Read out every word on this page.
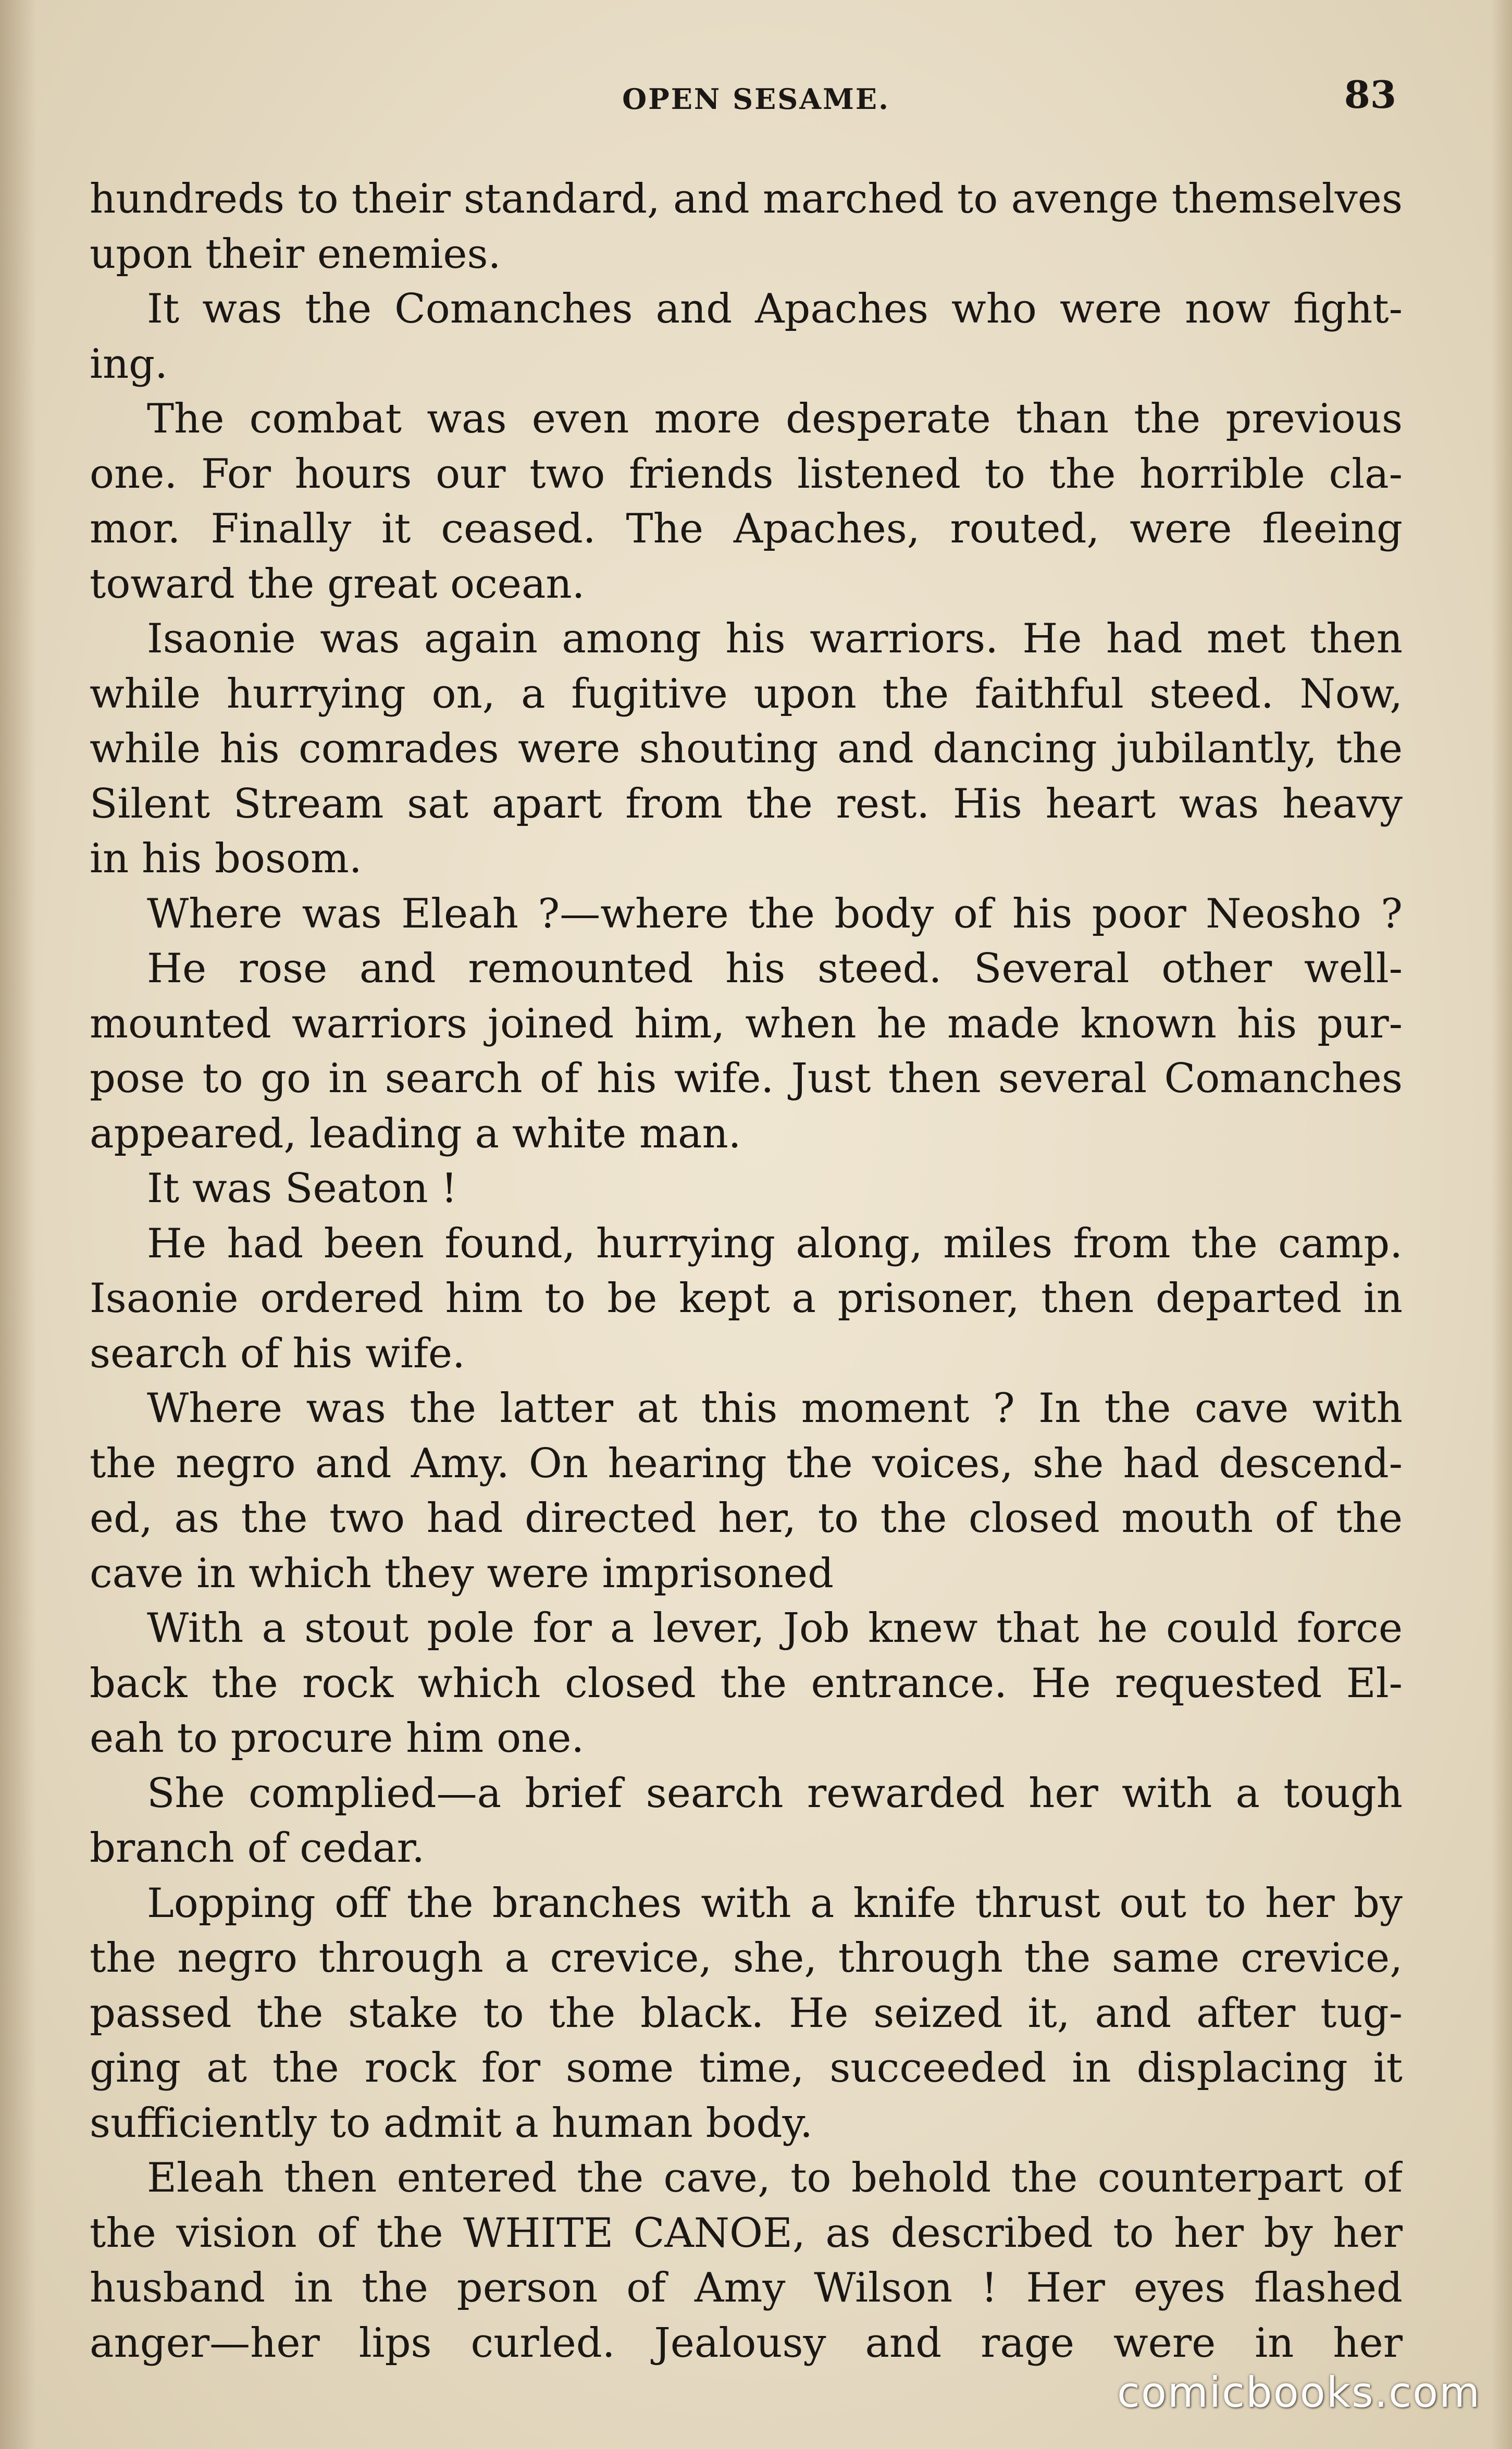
OPEN SESAME.	83
hundreds to their standard, and marched to avenge themselves
upon their enemies.
It was the Comanches and Apaches who were now fight-
ing.
The combat was even more desperate than the previous
one. For hours our two friends listened to the horrible cla-
mor. Finally it ceased. The Apaches, routed, were fleeing
toward the great ocean.
Isaonie was again among his warriors. He had met then
while hurrying on, a fugitive upon the faithful steed. Now,
while his comrades were shouting and dancing jubilantly, the
Silent Stream sat apart from the rest. His heart was heavy
in his bosom.
Where was Eleah ?—where the body of his poor Neosho ?
He rose and remounted his steed. Several other well-
mounted warriors joined him, when he made known his pur-
pose to go in search of his wife. Just then several Comanches
appeared, leading a white man.
It was Seaton !
He had been found, hurrying along, miles from the camp.
Isaonie ordered him to be kept a prisoner, then departed in
search of his wife.
Where was the latter at this moment ? In the cave with
the negro and Amy. On hearing the voices, she had descend-
ed, as the two had directed her, to the closed mouth of the
cave in which they were imprisoned
With a stout pole for a lever, Job knew that he could force
back the rock which closed the entrance. He requested El-
eah to procure him one.
She complied—a brief search rewarded her with a tough
branch of cedar.
Lopping off the branches with a knife thrust out to her by
the negro through a crevice, she, through the same crevice,
passed the stake to the black. He seized it, and after tug-
ging at the rock for some time, succeeded in displacing it
sufficiently to admit a human body.
Eleah then entered the cave, to behold the counterpart of
the vision of the WHITE CANOE, as described to her by her
husband in the person of Amy Wilson ! Her eyes flashed
anger—her lips curled. Jealousy and rage were in her
comicbooks.com
